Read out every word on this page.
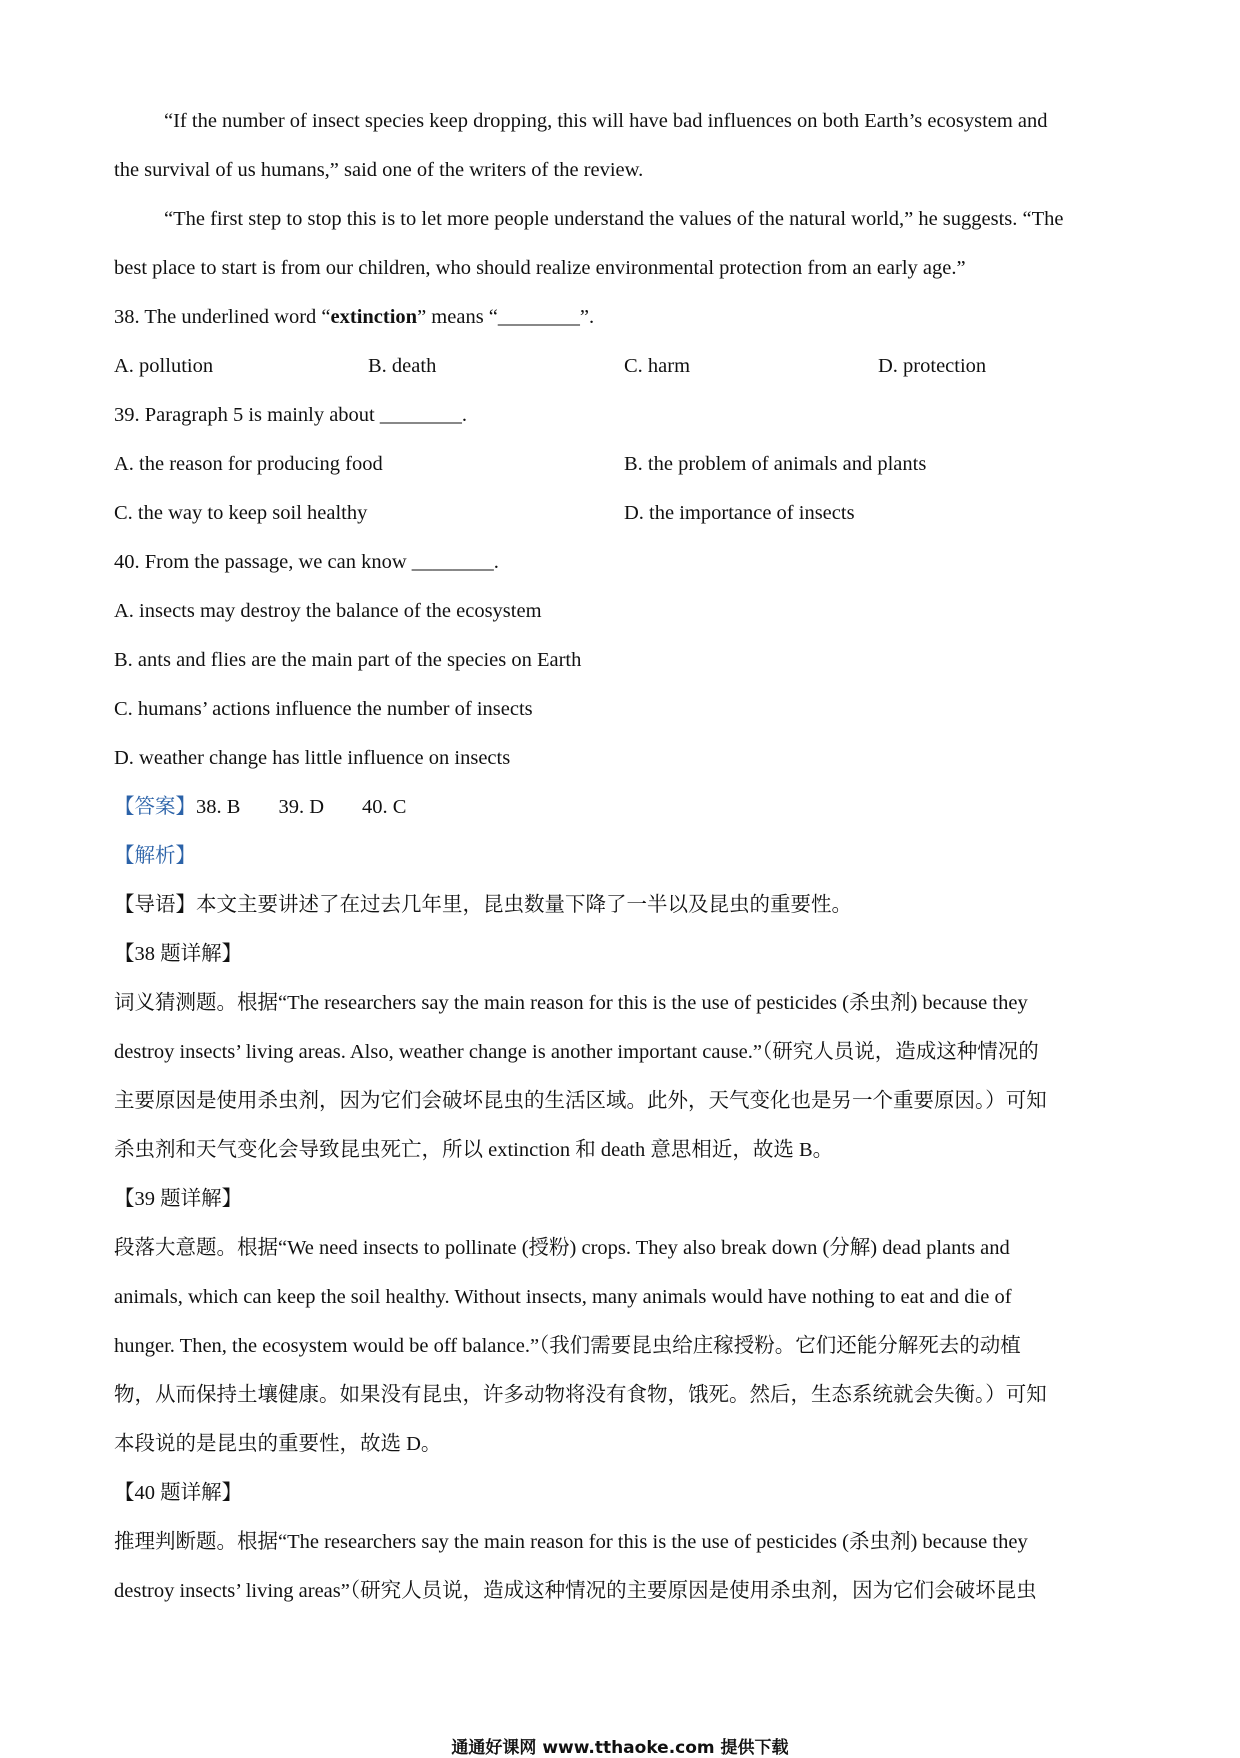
“If the number of insect species keep dropping, this will have bad influences on both Earth’s ecosystem and
the survival of us humans,” said one of the writers of the review.
“The first step to stop this is to let more people understand the values of the natural world,” he suggests. “The
best place to start is from our children, who should realize environmental protection from an early age.”
38. The underlined word “extinction” means “________”.
A. pollution	B. death	C. harm	D. protection
39. Paragraph 5 is mainly about ________.
A. the reason for producing food	B. the problem of animals and plants
C. the way to keep soil healthy	D. the importance of insects
40. From the passage, we can know ________.
A. insects may destroy the balance of the ecosystem
B. ants and flies are the main part of the species on Earth
C. humans’ actions influence the number of insects
D. weather change has little influence on insects
【答案】38. B 39. D 40. C
【解析】
【导语】本文主要讲述了在过去几年里，昆虫数量下降了一半以及昆虫的重要性。
【38 题详解】
词义猜测题。根据“The researchers say the main reason for this is the use of pesticides (杀虫剂) because they
destroy insects’ living areas. Also, weather change is another important cause.”（研究人员说，造成这种情况的
主要原因是使用杀虫剂，因为它们会破坏昆虫的生活区域。此外，天气变化也是另一个重要原因。）可知
杀虫剂和天气变化会导致昆虫死亡，所以 extinction 和 death 意思相近，故选 B。
【39 题详解】
段落大意题。根据“We need insects to pollinate (授粉) crops. They also break down (分解) dead plants and
animals, which can keep the soil healthy. Without insects, many animals would have nothing to eat and die of
hunger. Then, the ecosystem would be off balance.”（我们需要昆虫给庄稼授粉。它们还能分解死去的动植
物，从而保持土壤健康。如果没有昆虫，许多动物将没有食物，饿死。然后，生态系统就会失衡。）可知
本段说的是昆虫的重要性，故选 D。
【40 题详解】
推理判断题。根据“The researchers say the main reason for this is the use of pesticides (杀虫剂) because they
destroy insects’ living areas”（研究人员说，造成这种情况的主要原因是使用杀虫剂，因为它们会破坏昆虫
通通好课网 www.tthaoke.com 提供下载
